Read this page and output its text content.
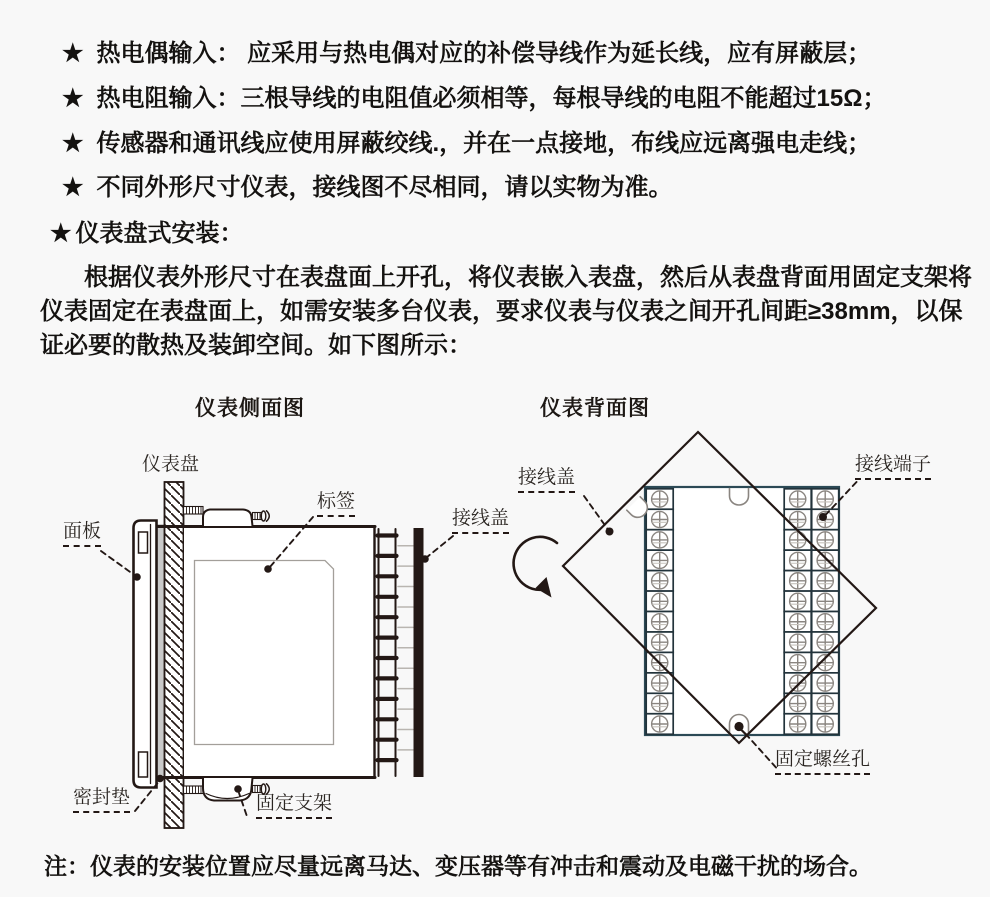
★ 热电偶输入： 应采用与热电偶对应的补偿导线作为延长线，应有屏蔽层；
★ 热电阻输入：三根导线的电阻值必须相等，每根导线的电阻不能超过15Ω；
★ 传感器和通讯线应使用屏蔽绞线.，并在一点接地，布线应远离强电走线；
★ 不同外形尺寸仪表，接线图不尽相同，请以实物为准。
★ 仪表盘式安装：
根据仪表外形尺寸在表盘面上开孔，将仪表嵌入表盘，然后从表盘背面用固定支架将仪表固定在表盘面上，如需安装多台仪表，要求仪表与仪表之间开孔间距≥38mm，以保证必要的散热及装卸空间。如下图所示：
仪表侧面图	仪表背面图
仪表盘
面板
标签
接线盖
密封垫	固定支架
接线盖
接线端子
固定螺丝孔
注：仪表的安装位置应尽量远离马达、变压器等有冲击和震动及电磁干扰的场合。
